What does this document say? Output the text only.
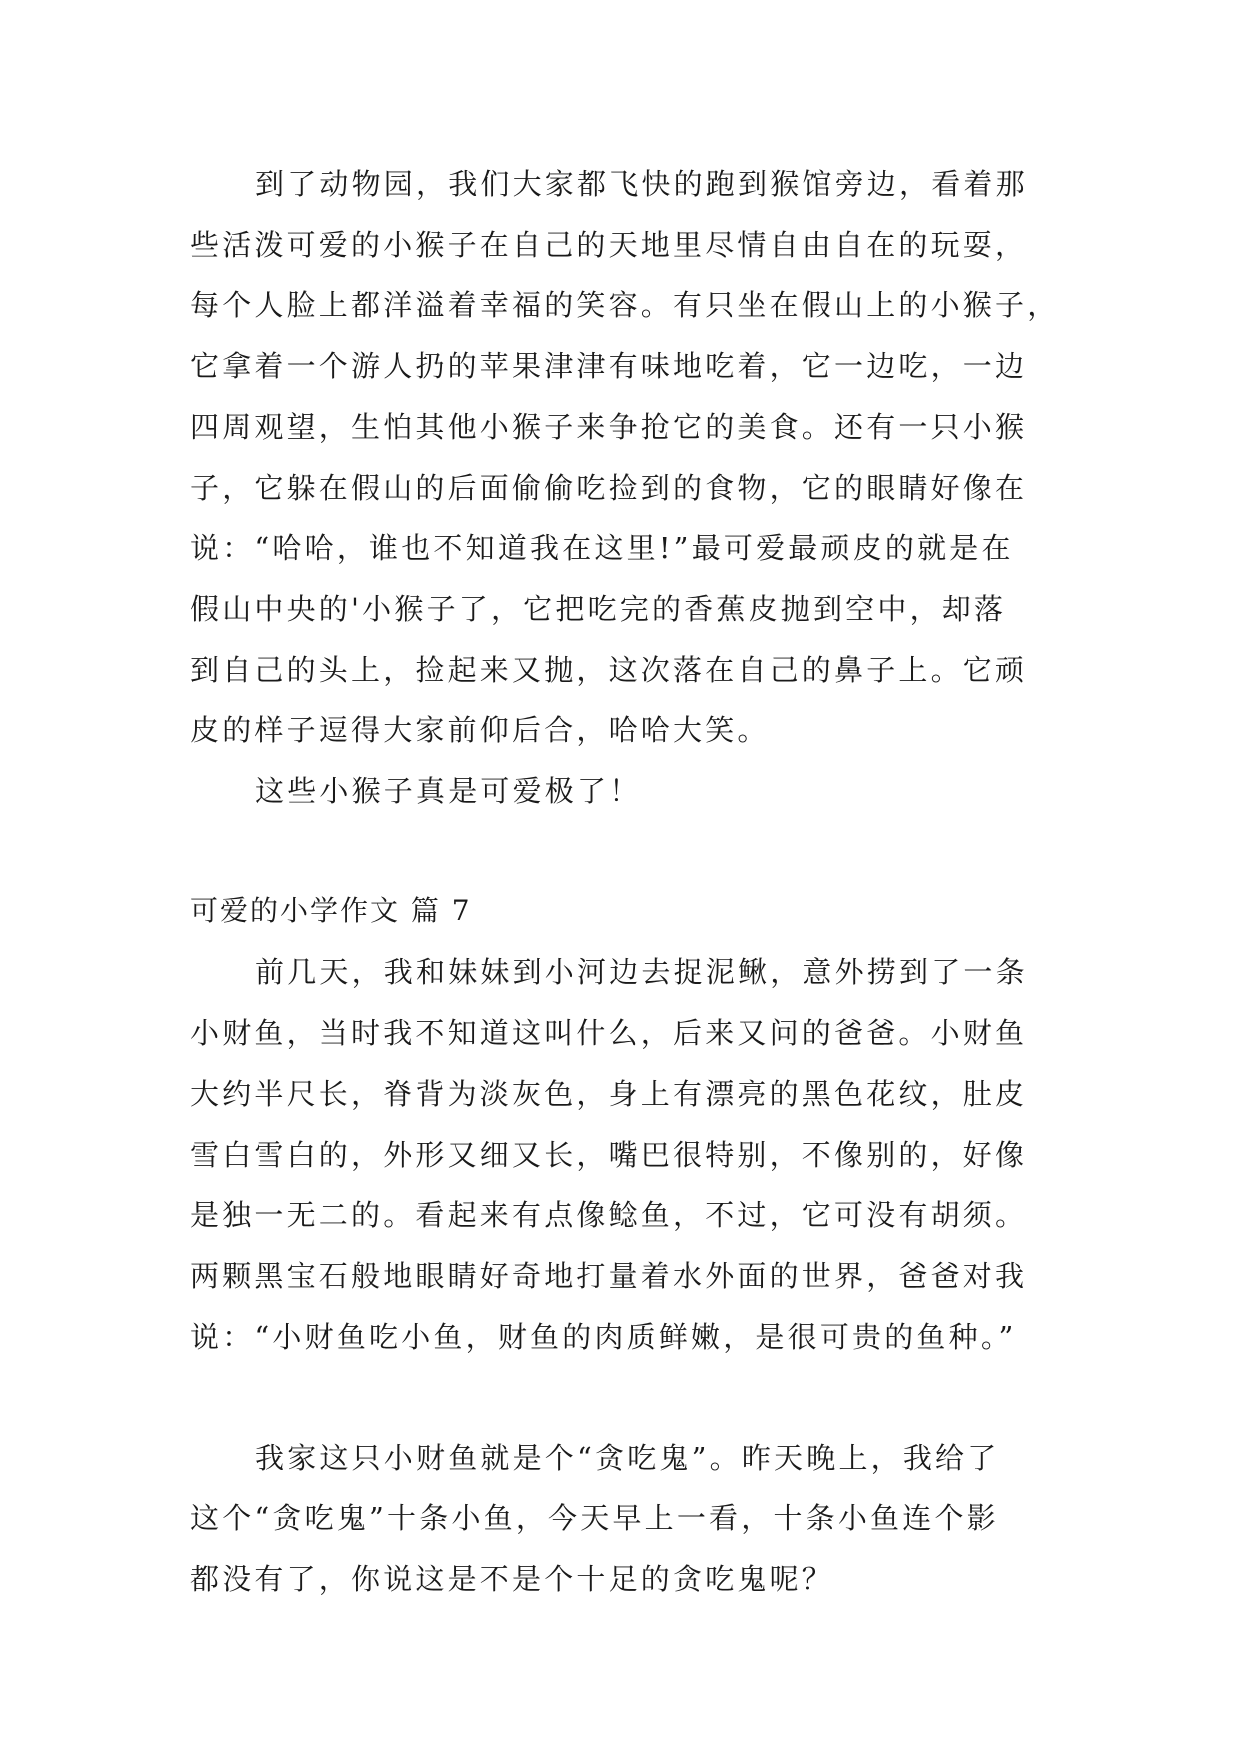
到了动物园，我们大家都飞快的跑到猴馆旁边，看着那
些活泼可爱的小猴子在自己的天地里尽情自由自在的玩耍，
每个人脸上都洋溢着幸福的笑容。有只坐在假山上的小猴子，
它拿着一个游人扔的苹果津津有味地吃着，它一边吃，一边
四周观望，生怕其他小猴子来争抢它的美食。还有一只小猴
子，它躲在假山的后面偷偷吃捡到的食物，它的眼睛好像在
说：“哈哈，谁也不知道我在这里!”最可爱最顽皮的就是在
假山中央的'小猴子了，它把吃完的香蕉皮抛到空中，却落
到自己的头上，捡起来又抛，这次落在自己的鼻子上。它顽
皮的样子逗得大家前仰后合，哈哈大笑。
这些小猴子真是可爱极了！
可爱的小学作文 篇 7
前几天，我和妹妹到小河边去捉泥鳅，意外捞到了一条
小财鱼，当时我不知道这叫什么，后来又问的爸爸。小财鱼
大约半尺长，脊背为淡灰色，身上有漂亮的黑色花纹，肚皮
雪白雪白的，外形又细又长，嘴巴很特别，不像别的，好像
是独一无二的。看起来有点像鲶鱼，不过，它可没有胡须。
两颗黑宝石般地眼睛好奇地打量着水外面的世界，爸爸对我
说：“小财鱼吃小鱼，财鱼的肉质鲜嫩，是很可贵的鱼种。”
我家这只小财鱼就是个“贪吃鬼”。昨天晚上，我给了
这个“贪吃鬼”十条小鱼，今天早上一看，十条小鱼连个影
都没有了，你说这是不是个十足的贪吃鬼呢？
